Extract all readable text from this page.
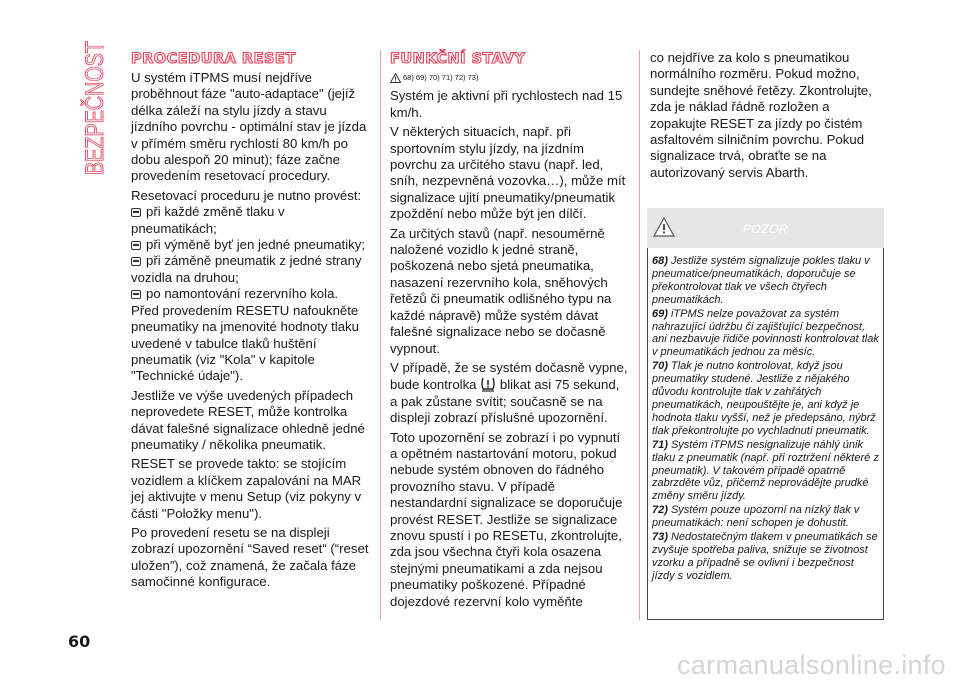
BEZPEČNOST PROCEDURA RESET

U systém iTPMS musí nejdříve proběhnout fáze "auto-adaptace" (jejíž délka záleží na stylu jízdy a stavu jízdního povrchu - optimální stav je jízda v přímém směru rychlostí 80 km/h po dobu alespoň 20 minut); fáze začne provedením resetovací procedury.

Resetovací proceduru je nutno provést:

při každé změně tlaku v pneumatikách;
při výměně byť jen jedné pneumatiky;
při záměně pneumatik z jedné strany vozidla na druhou;
po namontování rezervního kola.

Před provedením RESETU nafoukněte pneumatiky na jmenovité hodnoty tlaku uvedené v tabulce tlaků huštění pneumatik (viz "Kola" v kapitole "Technické údaje").

Jestliže ve výše uvedených případech neprovedete RESET, může kontrolka dávat falešné signalizace ohledně jedné pneumatiky / několika pneumatik.

RESET se provede takto: se stojícím vozidlem a klíčkem zapalování na MAR jej aktivujte v menu Setup (viz pokyny v části "Položky menu").

Po provedení resetu se na displeji zobrazí upozornění “Saved reset“ (“reset uložen”), což znamená, že začala fáze samočinné konfigurace.

FUNKČNÍ STAVY
68) 69) 70) 71) 72) 73)

Systém je aktivní při rychlostech nad 15 km/h.

V některých situacích, např. při sportovním stylu jízdy, na jízdním povrchu za určitého stavu (např. led, sníh, nezpevněná vozovka…), může mít signalizace ujití pneumatiky/pneumatik zpoždění nebo může být jen dílčí.

Za určitých stavů (např. nesouměrně naložené vozidlo k jedné straně, poškozená nebo sjetá pneumatika, nasazení rezervního kola, sněhových řetězů či pneumatik odlišného typu na každé nápravě) může systém dávat falešné signalizace nebo se dočasně vypnout.

V případě, že se systém dočasně vypne, bude kontrolka blikat asi 75 sekund, a pak zůstane svítit; současně se na displeji zobrazí příslušné upozornění.

Toto upozornění se zobrazí i po vypnutí a opětném nastartování motoru, pokud nebude systém obnoven do řádného provozního stavu. V případě nestandardní signalizace se doporučuje provést RESET. Jestliže se signalizace znovu spustí i po RESETu, zkontrolujte, zda jsou všechna čtyři kola osazena stejnými pneumatikami a zda nejsou pneumatiky poškozené. Případné dojezdové rezervní kolo vyměňte

co nejdříve za kolo s pneumatikou normálního rozměru. Pokud možno, sundejte sněhové řetězy. Zkontrolujte, zda je náklad řádně rozložen a zopakujte RESET za jízdy po čistém asfaltovém silničním povrchu. Pokud signalizace trvá, obraťte se na autorizovaný servis Abarth.

POZOR

68) Jestliže systém signalizuje pokles tlaku v pneumatice/pneumatikách, doporučuje se překontrolovat tlak ve všech čtyřech pneumatikách.

69) iTPMS nelze považovat za systém nahrazující údržbu či zajišťující bezpečnost, ani nezbavuje řidiče povinnosti kontrolovat tlak v pneumatikách jednou za měsíc.

70) Tlak je nutno kontrolovat, když jsou pneumatiky studené. Jestliže z nějakého důvodu kontrolujte tlak v zahřátých pneumatikách, neupouštějte je, ani když je hodnota tlaku vyšší, než je předepsáno, nýbrž tlak překontrolujte po vychladnutí pneumatik.

71) Systém iTPMS nesignalizuje náhlý únik tlaku z pneumatik (např. při roztržení některé z pneumatik). V takovém případě opatrně zabrzděte vůz, přičemž neprovádějte prudké změny směru jízdy.

72) Systém pouze upozorní na nízký tlak v pneumatikách: není schopen je dohustit.

73) Nedostatečným tlakem v pneumatikách se zvyšuje spotřeba paliva, snižuje se životnost vzorku a případně se ovlivní i bezpečnost jízdy s vozidlem.

60
carmanualsonline.info
